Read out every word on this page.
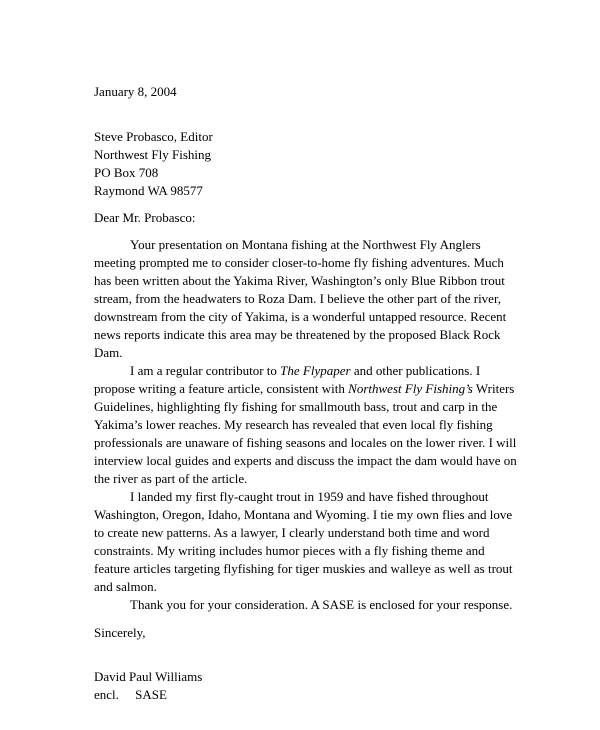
January 8, 2004
Steve Probasco, Editor
Northwest Fly Fishing
PO Box 708
Raymond WA 98577
Dear Mr. Probasco:
Your presentation on Montana fishing at the Northwest Fly Anglers
meeting prompted me to consider closer-to-home fly fishing adventures. Much
has been written about the Yakima River, Washington’s only Blue Ribbon trout
stream, from the headwaters to Roza Dam. I believe the other part of the river,
downstream from the city of Yakima, is a wonderful untapped resource. Recent
news reports indicate this area may be threatened by the proposed Black Rock
Dam.
I am a regular contributor to The Flypaper and other publications. I
propose writing a feature article, consistent with Northwest Fly Fishing’s Writers
Guidelines, highlighting fly fishing for smallmouth bass, trout and carp in the
Yakima’s lower reaches. My research has revealed that even local fly fishing
professionals are unaware of fishing seasons and locales on the lower river. I will
interview local guides and experts and discuss the impact the dam would have on
the river as part of the article.
I landed my first fly-caught trout in 1959 and have fished throughout
Washington, Oregon, Idaho, Montana and Wyoming. I tie my own flies and love
to create new patterns. As a lawyer, I clearly understand both time and word
constraints. My writing includes humor pieces with a fly fishing theme and
feature articles targeting flyfishing for tiger muskies and walleye as well as trout
and salmon.
Thank you for your consideration. A SASE is enclosed for your response.
Sincerely,
David Paul Williams
encl.     SASE
